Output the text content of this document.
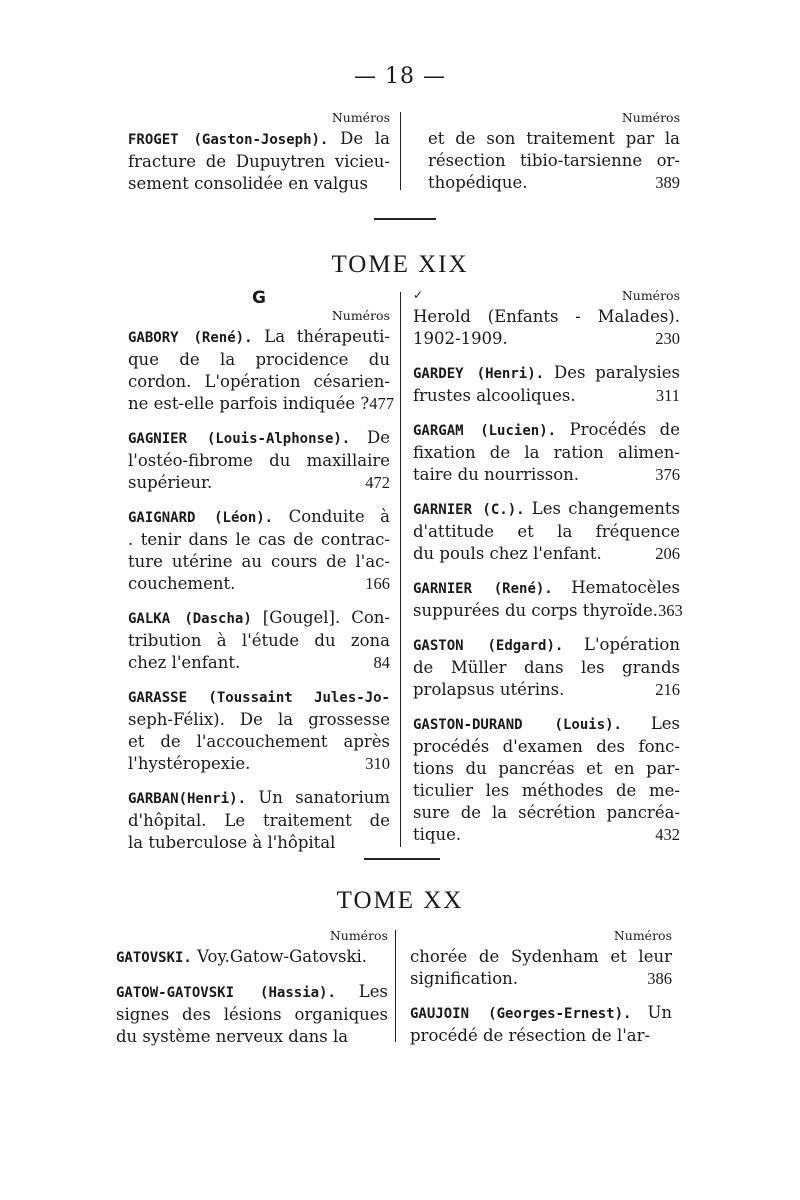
— 18 —
Numéros
FROGET (Gaston-Joseph). De la
fracture de Dupuytren vicieu-
sement consolidée en valgus
Numéros
et de son traitement par la
résection tibio-tarsienne or-
thopédique.	389
TOME XIX
G
Numéros
GABORY (René). La thérapeuti-
que de la procidence du
cordon. L'opération césarien-
ne est-elle parfois indiquée ? 477
GAGNIER (Louis-Alphonse). De
l'ostéo-fibrome du maxillaire
supérieur.	472
GAIGNARD (Léon). Conduite à
. tenir dans le cas de contrac-
ture utérine au cours de l'ac-
couchement.	166
GALKA (Dascha) [Gougel]. Con-
tribution à l'étude du zona
chez l'enfant.	84
GARASSE (Toussaint Jules-Jo-
seph-Félix). De la grossesse
et de l'accouchement après
l'hystéropexie.	310
GARBAN(Henri). Un sanatorium
d'hôpital. Le traitement de
la tuberculose à l'hôpital
✓	Numéros
Herold (Enfants - Malades).
1902-1909.	230
GARDEY (Henri). Des paralysies
frustes alcooliques.	311
GARGAM (Lucien). Procédés de
fixation de la ration alimen-
taire du nourrisson.	376
GARNIER (C.). Les changements
d'attitude et la fréquence
du pouls chez l'enfant.	206
GARNIER (René). Hematocèles
suppurées du corps thyroïde. 363
GASTON (Edgard). L'opération
de Müller dans les grands
prolapsus utérins.	216
GASTON-DURAND (Louis). Les
procédés d'examen des fonc-
tions du pancréas et en par-
ticulier les méthodes de me-
sure de la sécrétion pancréa-
tique.	432
TOME XX
Numéros
GATOVSKI. Voy.Gatow-Gatovski.
GATOW-GATOVSKI (Hassia). Les
signes des lésions organiques
du système nerveux dans la
Numéros
chorée de Sydenham et leur
signification.	386
GAUJOIN (Georges-Ernest). Un
procédé de résection de l'ar-
